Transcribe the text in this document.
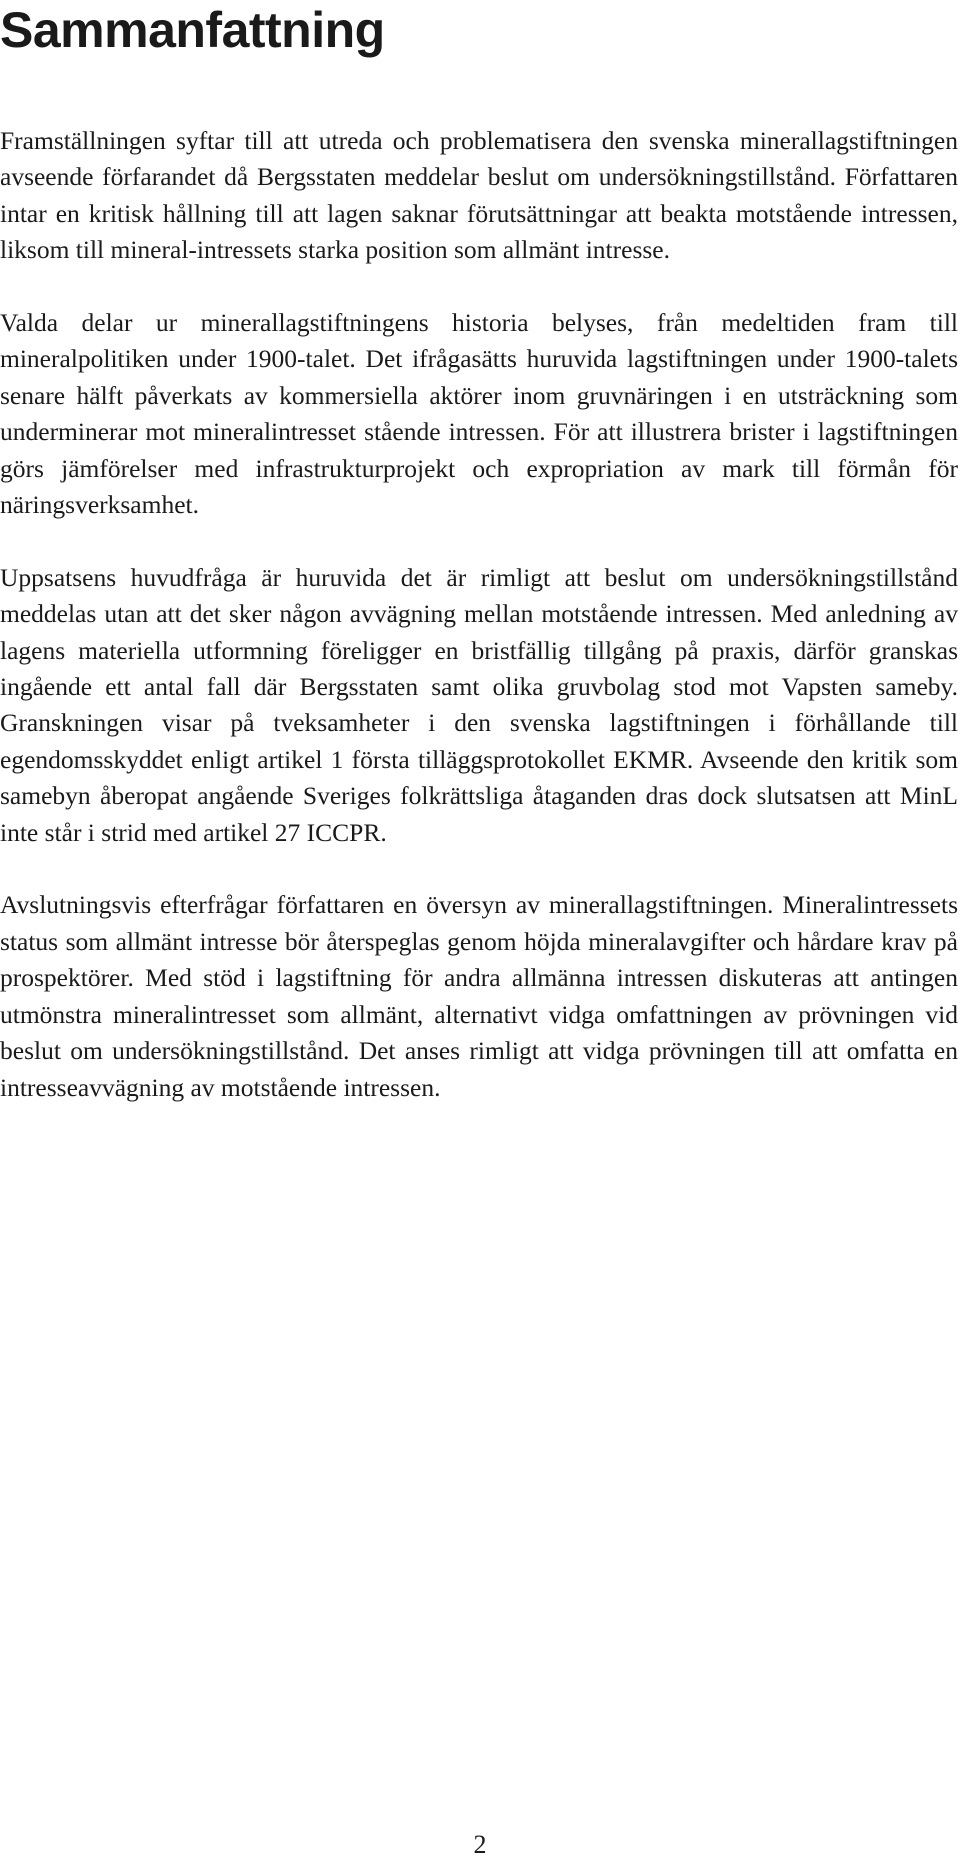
Sammanfattning

Framställningen syftar till att utreda och problematisera den svenska minerallagstiftningen avseende förfarandet då Bergsstaten meddelar beslut om undersökningstillstånd. Författaren intar en kritisk hållning till att lagen saknar förutsättningar att beakta motstående intressen, liksom till mineral-intressets starka position som allmänt intresse.

Valda delar ur minerallagstiftningens historia belyses, från medeltiden fram till mineralpolitiken under 1900-talet. Det ifrågasätts huruvida lagstiftningen under 1900-talets senare hälft påverkats av kommersiella aktörer inom gruvnäringen i en utsträckning som underminerar mot mineralintresset stående intressen. För att illustrera brister i lagstiftningen görs jämförelser med infrastrukturprojekt och expropriation av mark till förmån för näringsverksamhet.

Uppsatsens huvudfråga är huruvida det är rimligt att beslut om undersökningstillstånd meddelas utan att det sker någon avvägning mellan motstående intressen. Med anledning av lagens materiella utformning föreligger en bristfällig tillgång på praxis, därför granskas ingående ett antal fall där Bergsstaten samt olika gruvbolag stod mot Vapsten sameby. Granskningen visar på tveksamheter i den svenska lagstiftningen i förhållande till egendomsskyddet enligt artikel 1 första tilläggsprotokollet EKMR. Avseende den kritik som samebyn åberopat angående Sveriges folkrättsliga åtaganden dras dock slutsatsen att MinL inte står i strid med artikel 27 ICCPR.

Avslutningsvis efterfrågar författaren en översyn av minerallagstiftningen. Mineralintressets status som allmänt intresse bör återspeglas genom höjda mineralavgifter och hårdare krav på prospektörer. Med stöd i lagstiftning för andra allmänna intressen diskuteras att antingen utmönstra mineralintresset som allmänt, alternativt vidga omfattningen av prövningen vid beslut om undersökningstillstånd. Det anses rimligt att vidga prövningen till att omfatta en intresseavvägning av motstående intressen.

2
